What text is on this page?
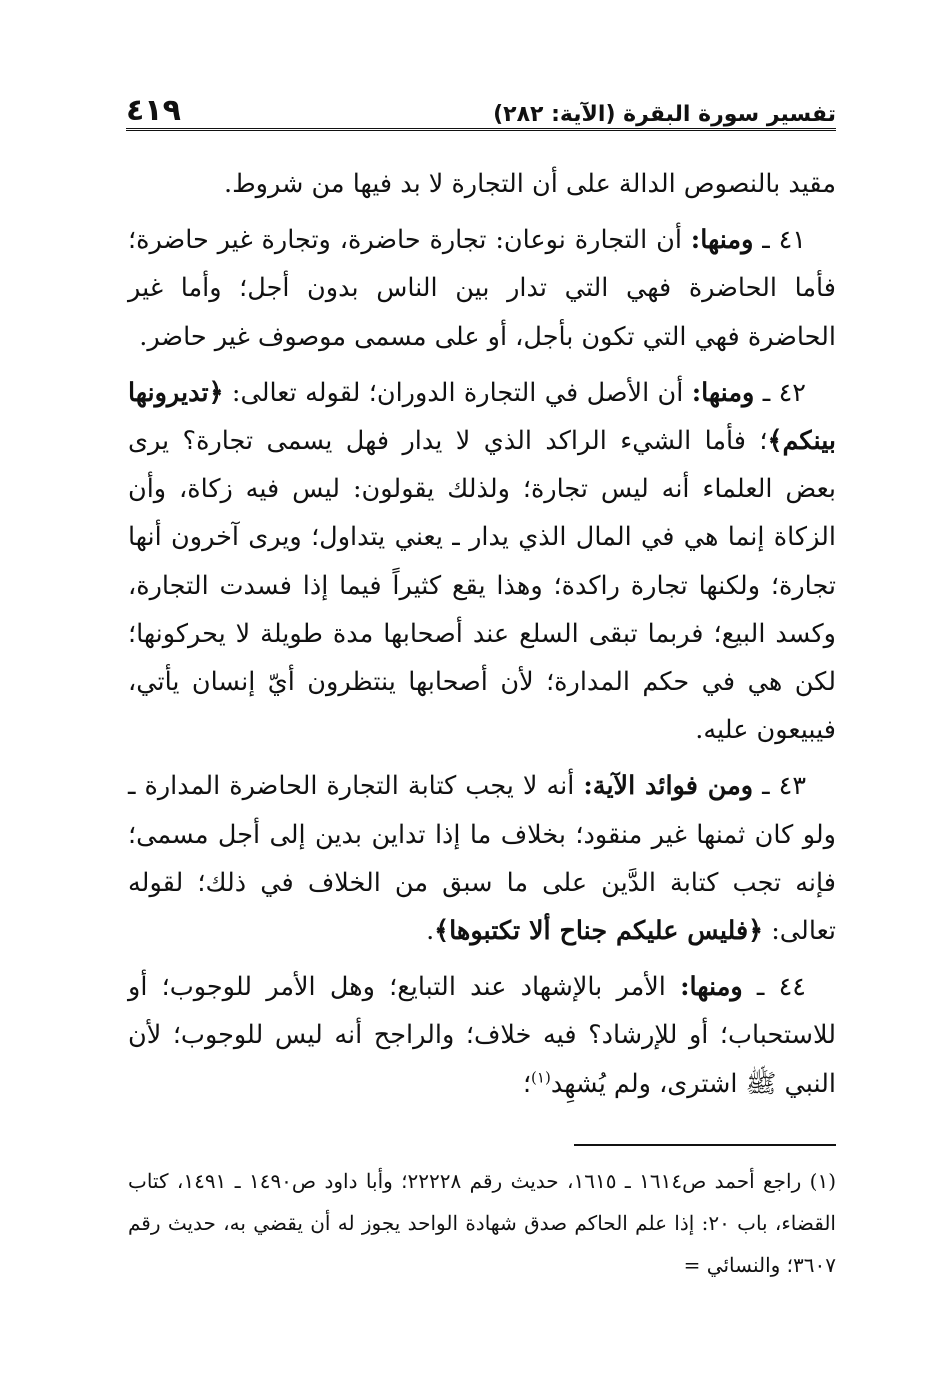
تفسير سورة البقرة (الآية: ٢٨٢)
٤١٩

مقيد بالنصوص الدالة على أن التجارة لا بد فيها من شروط.

٤١ ـ ومنها: أن التجارة نوعان: تجارة حاضرة، وتجارة غير حاضرة؛ فأما الحاضرة فهي التي تدار بين الناس بدون أجل؛ وأما غير الحاضرة فهي التي تكون بأجل، أو على مسمى موصوف غير حاضر.

٤٢ ـ ومنها: أن الأصل في التجارة الدوران؛ لقوله تعالى: ﴿تديرونها بينكم﴾؛ فأما الشيء الراكد الذي لا يدار فهل يسمى تجارة؟ يرى بعض العلماء أنه ليس تجارة؛ ولذلك يقولون: ليس فيه زكاة، وأن الزكاة إنما هي في المال الذي يدار ـ يعني يتداول؛ ويرى آخرون أنها تجارة؛ ولكنها تجارة راكدة؛ وهذا يقع كثيراً فيما إذا فسدت التجارة، وكسد البيع؛ فربما تبقى السلع عند أصحابها مدة طويلة لا يحركونها؛ لكن هي في حكم المدارة؛ لأن أصحابها ينتظرون أيّ إنسان يأتي، فيبيعون عليه.

٤٣ ـ ومن فوائد الآية: أنه لا يجب كتابة التجارة الحاضرة المدارة ـ ولو كان ثمنها غير منقود؛ بخلاف ما إذا تداين بدين إلى أجل مسمى؛ فإنه تجب كتابة الدَّين على ما سبق من الخلاف في ذلك؛ لقوله تعالى: ﴿فليس عليكم جناح ألا تكتبوها﴾.

٤٤ ـ ومنها: الأمر بالإشهاد عند التبايع؛ وهل الأمر للوجوب؛ أو للاستحباب؛ أو للإرشاد؟ فيه خلاف؛ والراجح أنه ليس للوجوب؛ لأن النبي ﷺ اشترى، ولم يُشهِد$^{(١)}$؛

(١) راجع أحمد ص١٦١٤ ـ ١٦١٥، حديث رقم ٢٢٢٢٨؛ وأبا داود ص١٤٩٠ ـ ١٤٩١، كتاب القضاء، باب ٢٠: إذا علم الحاكم صدق شهادة الواحد يجوز له أن يقضي به، حديث رقم ٣٦٠٧؛ والنسائي =
